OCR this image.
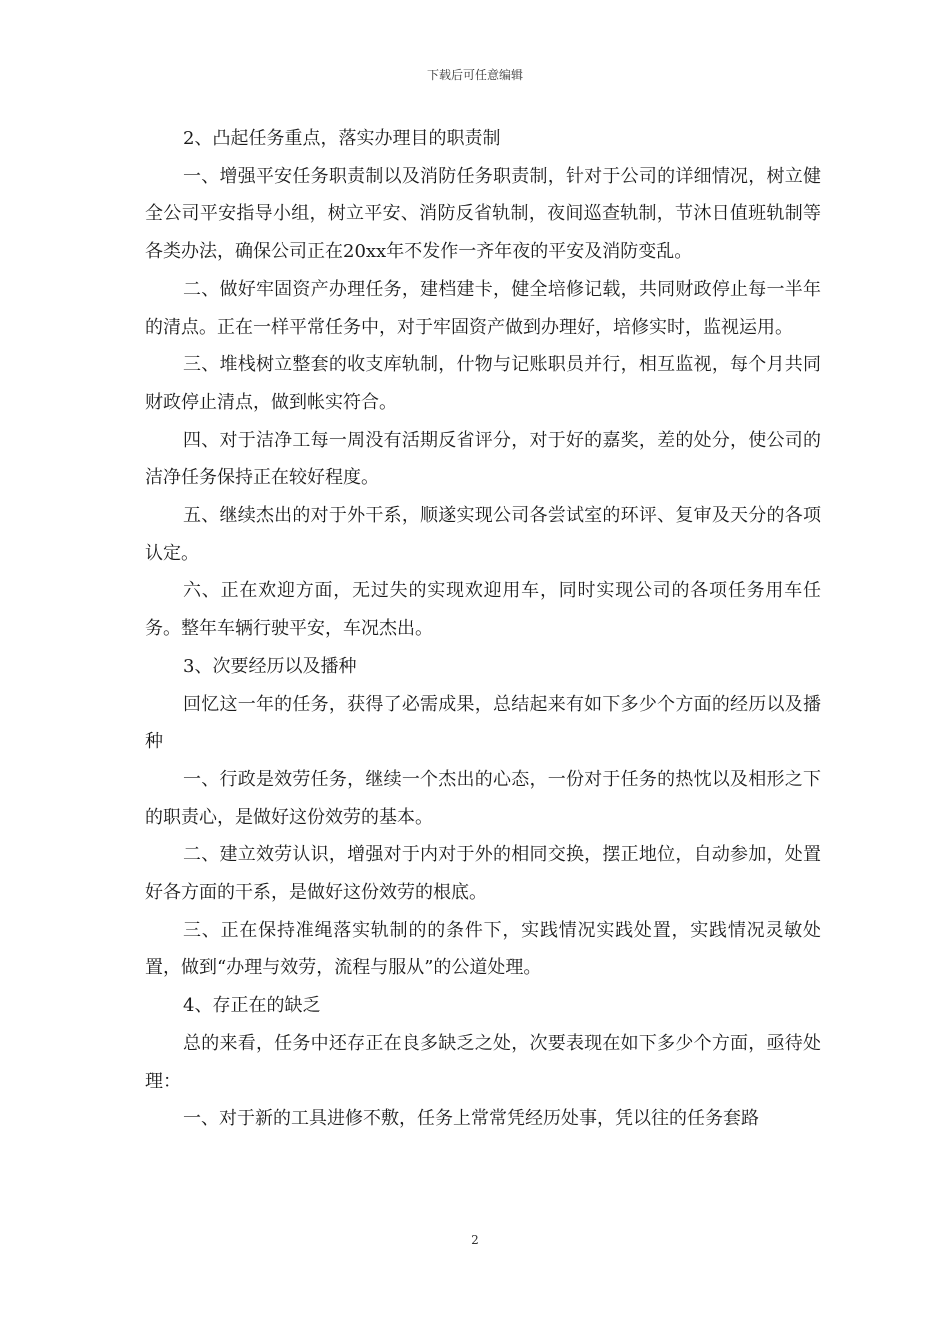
下载后可任意编辑

2、凸起任务重点，落实办理目的职责制

一、增强平安任务职责制以及消防任务职责制，针对于公司的详细情况，树立健全公司平安指导小组，树立平安、消防反省轨制，夜间巡查轨制，节沐日值班轨制等各类办法，确保公司正在20xx年不发作一齐年夜的平安及消防变乱。

二、做好牢固资产办理任务，建档建卡，健全培修记载，共同财政停止每一半年的清点。正在一样平常任务中，对于牢固资产做到办理好，培修实时，监视运用。

三、堆栈树立整套的收支库轨制，什物与记账职员并行，相互监视，每个月共同财政停止清点，做到帐实符合。

四、对于洁净工每一周没有活期反省评分，对于好的嘉奖，差的处分，使公司的洁净任务保持正在较好程度。

五、继续杰出的对于外干系，顺遂实现公司各尝试室的环评、复审及天分的各项认定。

六、正在欢迎方面，无过失的实现欢迎用车，同时实现公司的各项任务用车任务。整年车辆行驶平安，车况杰出。

3、次要经历以及播种

回忆这一年的任务，获得了必需成果，总结起来有如下多少个方面的经历以及播种

一、行政是效劳任务，继续一个杰出的心态，一份对于任务的热忱以及相形之下的职责心，是做好这份效劳的基本。

二、建立效劳认识，增强对于内对于外的相同交换，摆正地位，自动参加，处置好各方面的干系，是做好这份效劳的根底。

三、正在保持准绳落实轨制的的条件下，实践情况实践处置，实践情况灵敏处置，做到“办理与效劳，流程与服从”的公道处理。

4、存正在的缺乏

总的来看，任务中还存正在良多缺乏之处，次要表现在如下多少个方面，亟待处理：

一、对于新的工具进修不敷，任务上常常凭经历处事，凭以往的任务套路

2
